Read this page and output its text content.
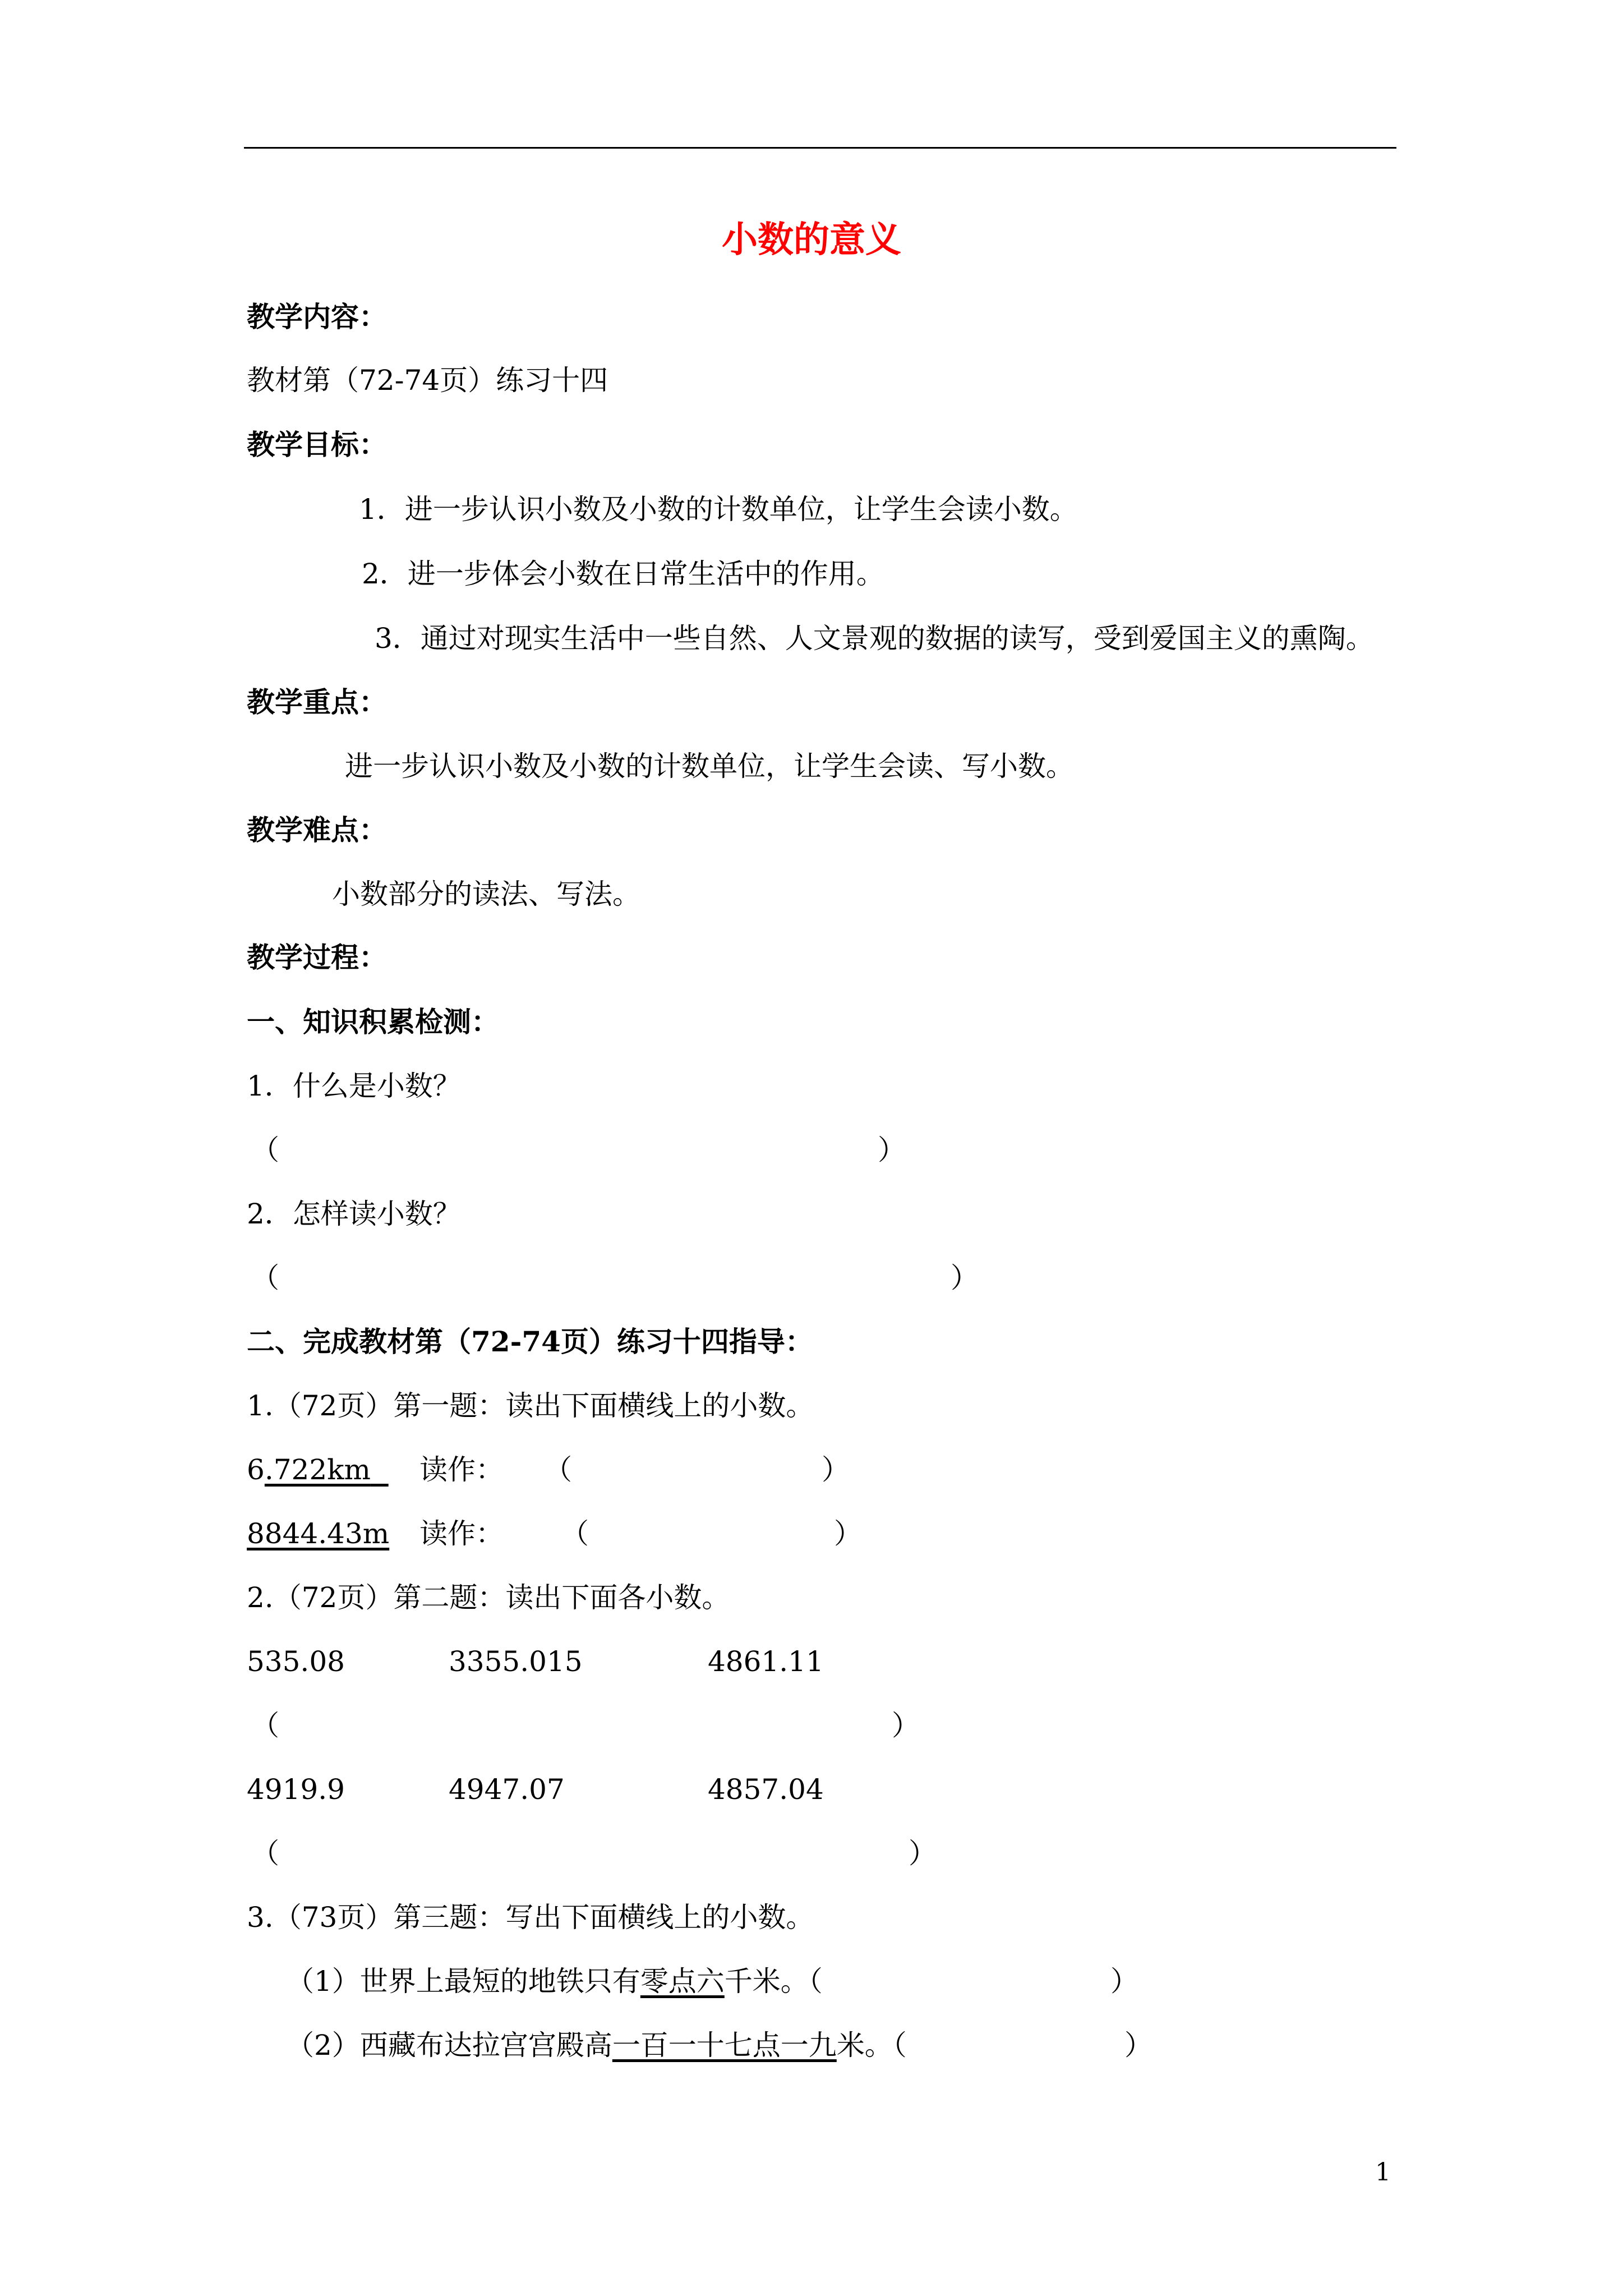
小数的意义
教学内容：
教材第（72-74页）练习十四
教学目标：
1．进一步认识小数及小数的计数单位，让学生会读小数。
2．进一步体会小数在日常生活中的作用。
3．通过对现实生活中一些自然、人文景观的数据的读写，受到爱国主义的熏陶。
教学重点：
进一步认识小数及小数的计数单位，让学生会读、写小数。
教学难点：
小数部分的读法、写法。
教学过程：
一、知识积累检测：
1．什么是小数？
（	）
2．怎样读小数？
（	）
二、完成教材第（72-74页）练习十四指导：
1.（72页）第一题：读出下面横线上的小数。
6.722km	读作： （	）
8844.43m 读作： （	）
2.（72页）第二题：读出下面各小数。
535.08	3355.015	4861.11
（	）
4919.9	4947.07	4857.04
（	）
3.（73页）第三题：写出下面横线上的小数。
（1）世界上最短的地铁只有零点六千米。（	）
（2）西藏布达拉宫宫殿高一百一十七点一九米。（	）
1
